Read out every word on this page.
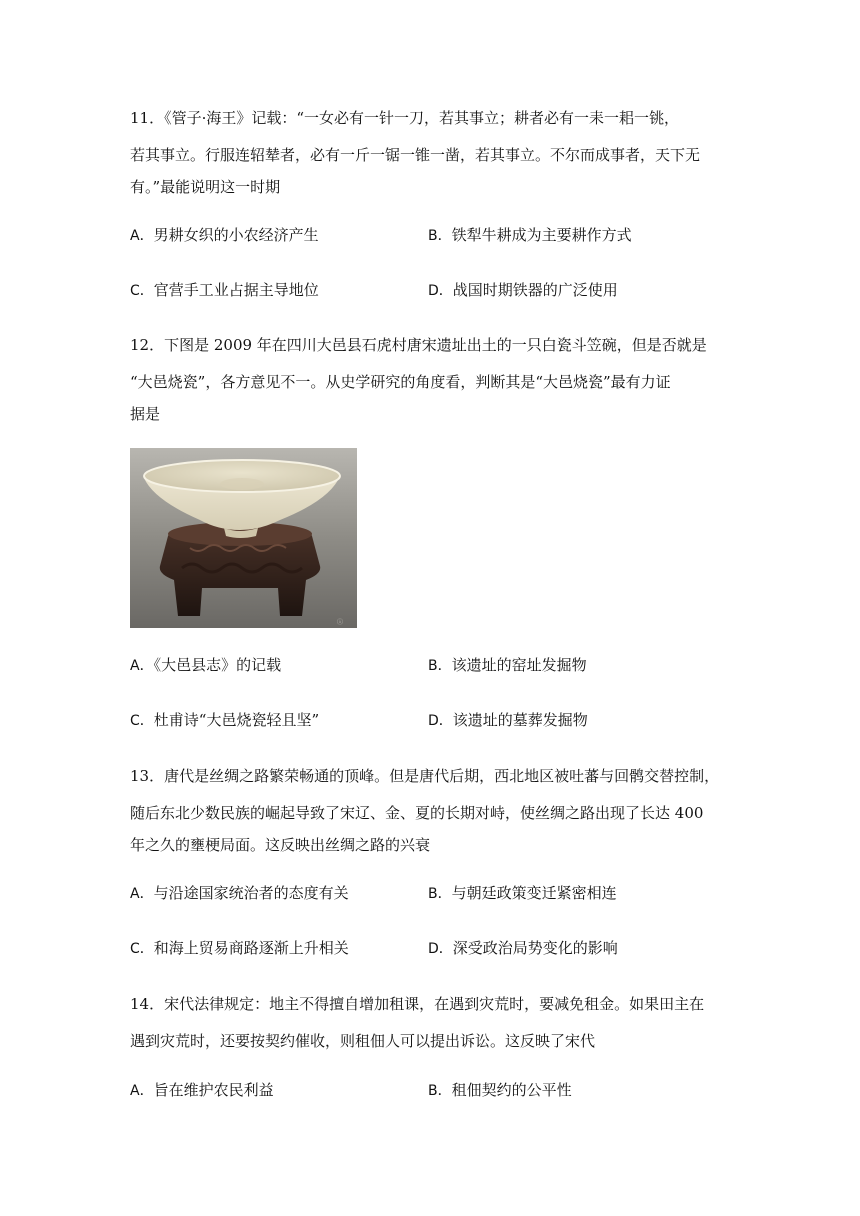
11．《管子·海王》记载：“一女必有一针一刀，若其事立；耕者必有一耒一耜一铫，
若其事立。行服连轺辇者，必有一斤一锯一锥一凿，若其事立。不尔而成事者，天下无
有。”最能说明这一时期
A．男耕女织的小农经济产生	B．铁犁牛耕成为主要耕作方式
C．官营手工业占据主导地位	D．战国时期铁器的广泛使用
12．下图是 2009 年在四川大邑县石虎村唐宋遗址出土的一只白瓷斗笠碗，但是否就是
“大邑烧瓷”，各方意见不一。从史学研究的角度看，判断其是“大邑烧瓷”最有力证
据是
ⓘ
A．《大邑县志》的记载	B．该遗址的窑址发掘物
C．杜甫诗“大邑烧瓷轻且坚”	D．该遗址的墓葬发掘物
13．唐代是丝绸之路繁荣畅通的顶峰。但是唐代后期，西北地区被吐蕃与回鹘交替控制，
随后东北少数民族的崛起导致了宋辽、金、夏的长期对峙，使丝绸之路出现了长达 400
年之久的壅梗局面。这反映出丝绸之路的兴衰
A．与沿途国家统治者的态度有关	B．与朝廷政策变迁紧密相连
C．和海上贸易商路逐渐上升相关	D．深受政治局势变化的影响
14．宋代法律规定：地主不得擅自增加租课，在遇到灾荒时，要减免租金。如果田主在
遇到灾荒时，还要按契约催收，则租佃人可以提出诉讼。这反映了宋代
A．旨在维护农民利益	B．租佃契约的公平性
